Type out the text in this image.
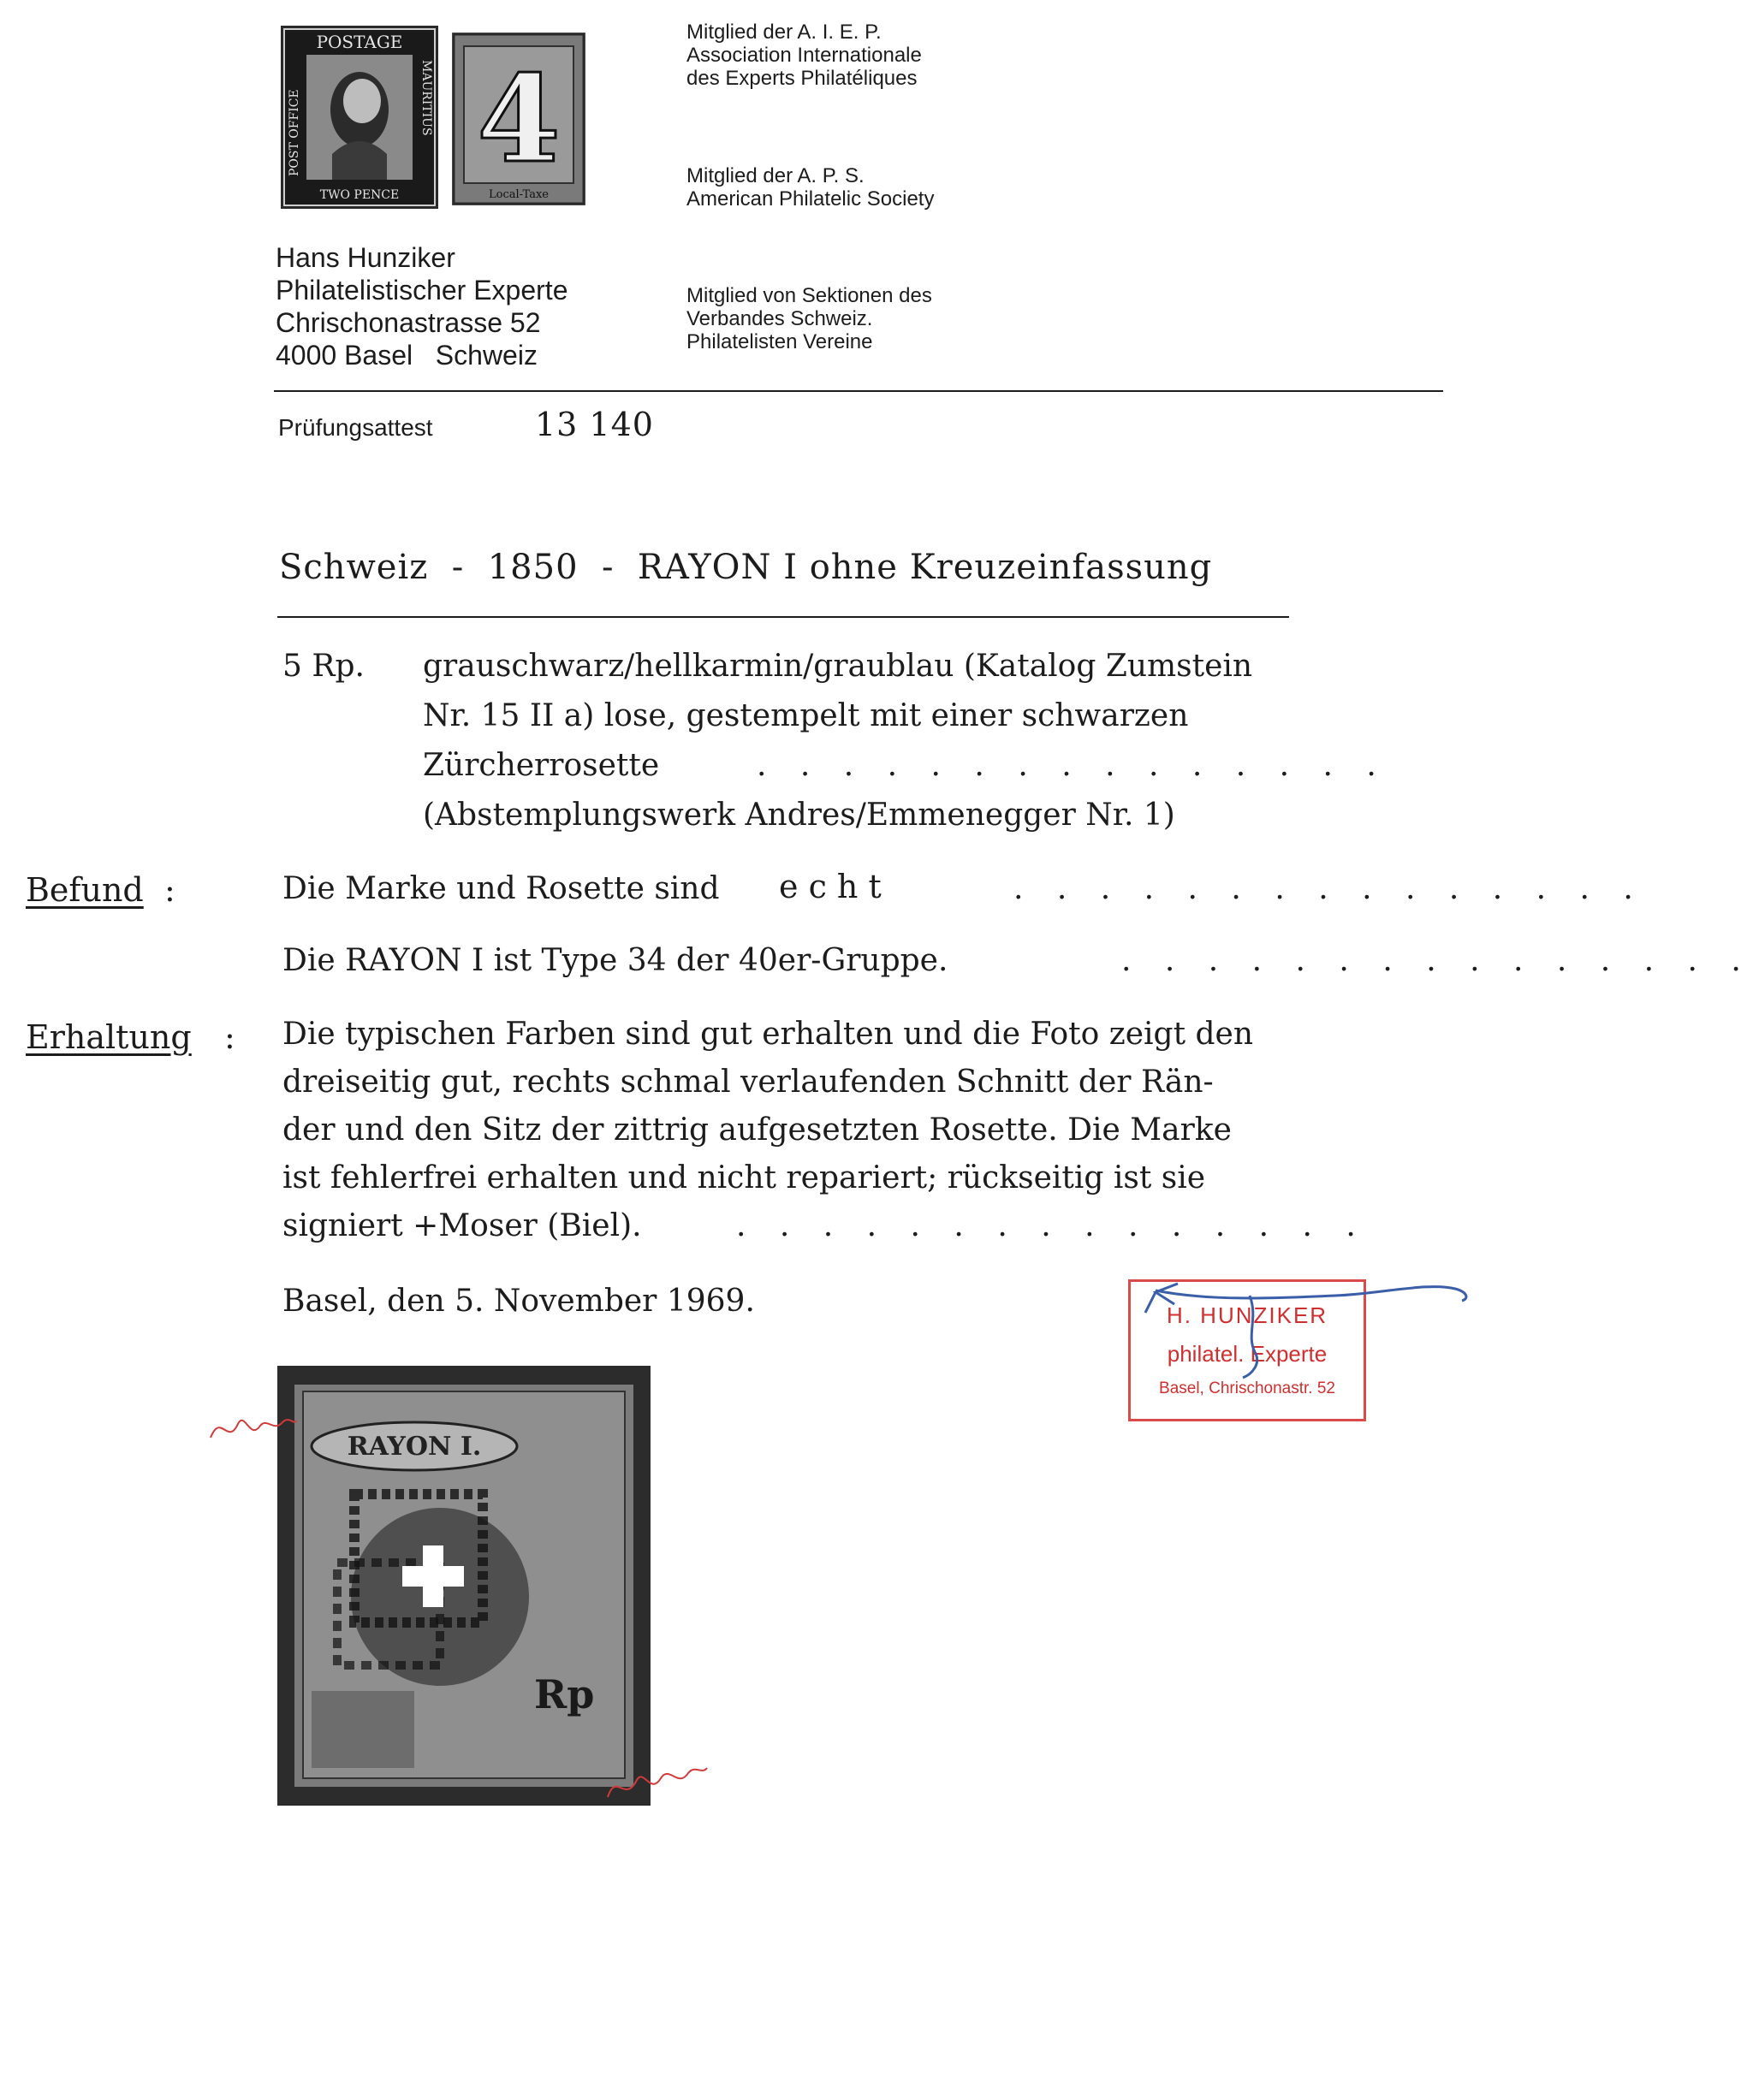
POSTAGE
TWO PENCE
POST OFFICE	MAURITIUS 4
Local-Taxe
Hans Hunziker
Philatelistischer Experte
Chrischonastrasse 52
4000 Basel   Schweiz
Mitglied der A. I. E. P.
Association Internationale
des Experts Philatéliques
Mitglied der A. P. S.
American Philatelic Society
Mitglied von Sektionen des
Verbandes Schweiz.
Philatelisten Vereine
Prüfungsattest	13 140
Schweiz  -  1850  -  RAYON I ohne Kreuzeinfassung
5 Rp. grauschwarz/hellkarmin/graublau (Katalog Zumstein
Nr. 15 II a) lose, gestempelt mit einer schwarzen
Zürcherrosette	. . . . . . . . . . . . . . .
(Abstemplungswerk Andres/Emmenegger Nr. 1)
Befund :	Die Marke und Rosette sind e c h t	. . . . . . . . . . . . . . .
Die RAYON I ist Type 34 der 40er-Gruppe.	. . . . . . . . . . . . . . .
Erhaltung : Die typischen Farben sind gut erhalten und die Foto zeigt den
dreiseitig gut, rechts schmal verlaufenden Schnitt der Rän-
der und den Sitz der zittrig aufgesetzten Rosette. Die Marke
ist fehlerfrei erhalten und nicht repariert; rückseitig ist sie
signiert +Moser (Biel).	. . . . . . . . . . . . . . .
Basel, den 5. November 1969.	H. HUNZIKER
philatel. Experte
Basel, Chrischonastr. 52
RAYON I.
Rp
